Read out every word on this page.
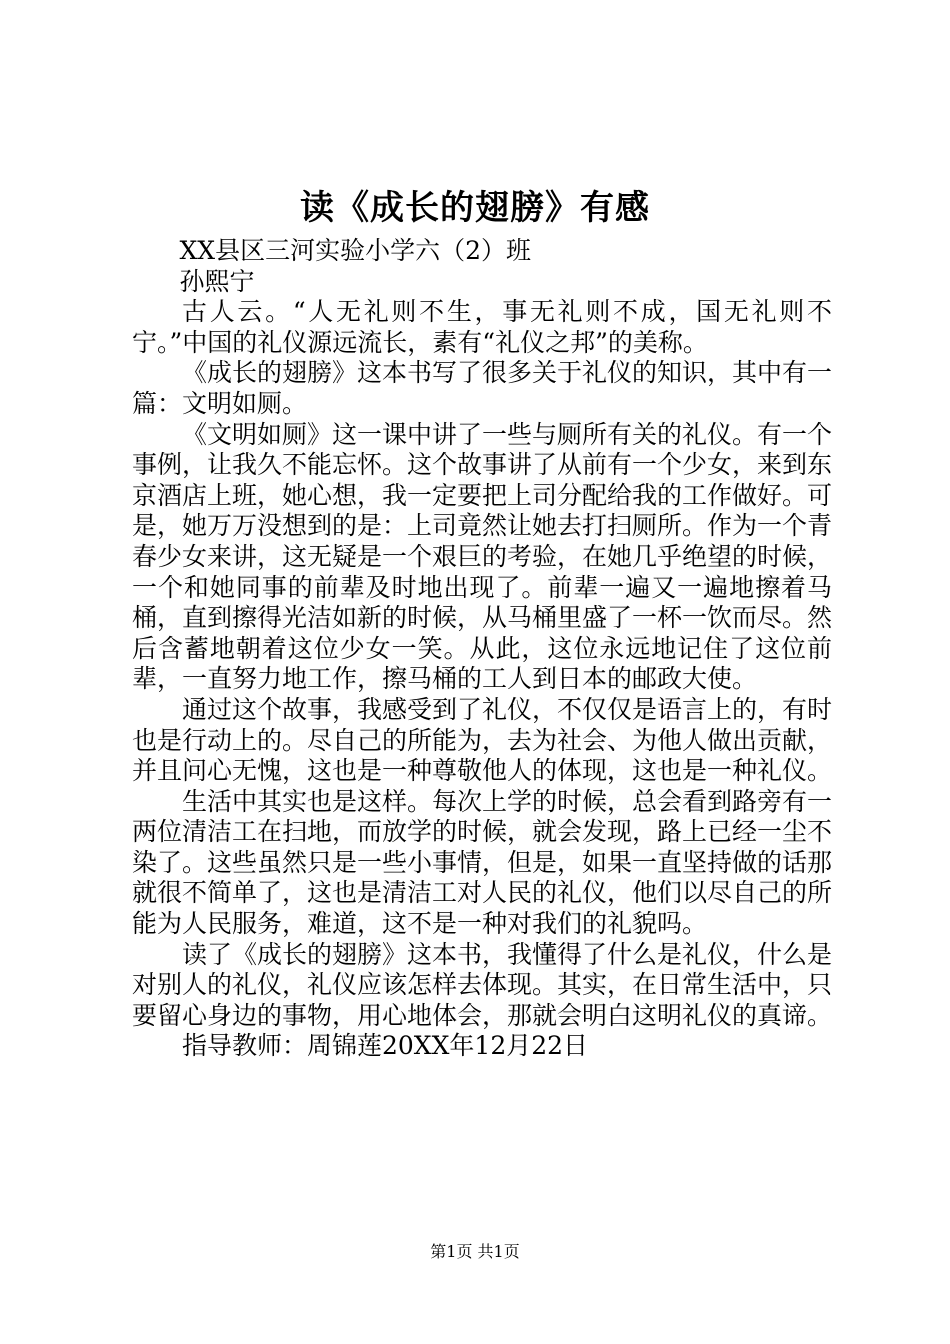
读《成长的翅膀》有感

XX县区三河实验小学六（2）班

孙熙宁

古人云。“人无礼则不生，事无礼则不成，国无礼则不宁。”中国的礼仪源远流长，素有“礼仪之邦”的美称。

《成长的翅膀》这本书写了很多关于礼仪的知识，其中有一篇：文明如厕。

《文明如厕》这一课中讲了一些与厕所有关的礼仪。有一个事例，让我久不能忘怀。这个故事讲了从前有一个少女，来到东京酒店上班，她心想，我一定要把上司分配给我的工作做好。可是，她万万没想到的是：上司竟然让她去打扫厕所。作为一个青春少女来讲，这无疑是一个艰巨的考验，在她几乎绝望的时候，一个和她同事的前辈及时地出现了。前辈一遍又一遍地擦着马桶，直到擦得光洁如新的时候，从马桶里盛了一杯一饮而尽。然后含蓄地朝着这位少女一笑。从此，这位永远地记住了这位前辈，一直努力地工作，擦马桶的工人到日本的邮政大使。

通过这个故事，我感受到了礼仪，不仅仅是语言上的，有时也是行动上的。尽自己的所能为，去为社会、为他人做出贡献，并且问心无愧，这也是一种尊敬他人的体现，这也是一种礼仪。

生活中其实也是这样。每次上学的时候，总会看到路旁有一两位清洁工在扫地，而放学的时候，就会发现，路上已经一尘不染了。这些虽然只是一些小事情，但是，如果一直坚持做的话那就很不简单了，这也是清洁工对人民的礼仪，他们以尽自己的所能为人民服务，难道，这不是一种对我们的礼貌吗。

读了《成长的翅膀》这本书，我懂得了什么是礼仪，什么是对别人的礼仪，礼仪应该怎样去体现。其实，在日常生活中，只要留心身边的事物，用心地体会，那就会明白这明礼仪的真谛。

指导教师：周锦莲20XX年12月22日

第1页 共1页
